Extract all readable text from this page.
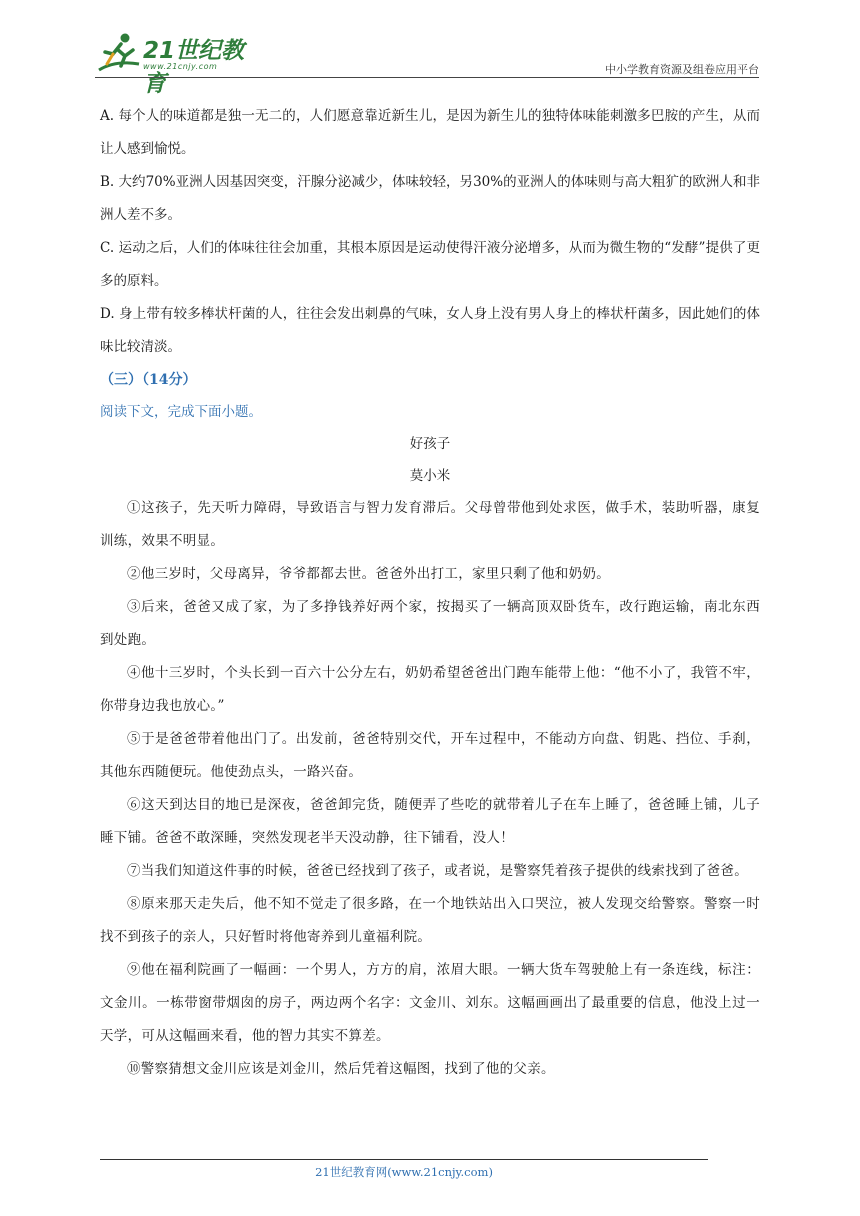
21世纪教育
www.21cnjy.com	中小学教育资源及组卷应用平台

A. 每个人的味道都是独一无二的，人们愿意靠近新生儿，是因为新生儿的独特体味能刺激多巴胺的产生，从而让人感到愉悦。

B. 大约70%亚洲人因基因突变，汗腺分泌减少，体味较轻，另30%的亚洲人的体味则与高大粗犷的欧洲人和非洲人差不多。

C. 运动之后，人们的体味往往会加重，其根本原因是运动使得汗液分泌增多，从而为微生物的“发酵”提供了更多的原料。

D. 身上带有较多棒状杆菌的人，往往会发出刺鼻的气味，女人身上没有男人身上的棒状杆菌多，因此她们的体味比较清淡。

（三）（14分）

阅读下文，完成下面小题。

好孩子

莫小米

①这孩子，先天听力障碍，导致语言与智力发育滞后。父母曾带他到处求医，做手术，装助听器，康复训练，效果不明显。

②他三岁时，父母离异，爷爷都都去世。爸爸外出打工，家里只剩了他和奶奶。

③后来，爸爸又成了家，为了多挣钱养好两个家，按揭买了一辆高顶双卧货车，改行跑运输，南北东西到处跑。

④他十三岁时，个头长到一百六十公分左右，奶奶希望爸爸出门跑车能带上他：“他不小了，我管不牢，你带身边我也放心。”

⑤于是爸爸带着他出门了。出发前，爸爸特别交代，开车过程中，不能动方向盘、钥匙、挡位、手刹，其他东西随便玩。他使劲点头，一路兴奋。

⑥这天到达目的地已是深夜，爸爸卸完货，随便弄了些吃的就带着儿子在车上睡了，爸爸睡上铺，儿子睡下铺。爸爸不敢深睡，突然发现老半天没动静，往下铺看，没人！

⑦当我们知道这件事的时候，爸爸已经找到了孩子，或者说，是警察凭着孩子提供的线索找到了爸爸。

⑧原来那天走失后，他不知不觉走了很多路，在一个地铁站出入口哭泣，被人发现交给警察。警察一时找不到孩子的亲人，只好暂时将他寄养到儿童福利院。

⑨他在福利院画了一幅画：一个男人，方方的肩，浓眉大眼。一辆大货车驾驶舱上有一条连线，标注：文金川。一栋带窗带烟囱的房子，两边两个名字：文金川、刘东。这幅画画出了最重要的信息，他没上过一天学，可从这幅画来看，他的智力其实不算差。

⑩警察猜想文金川应该是刘金川，然后凭着这幅图，找到了他的父亲。

21世纪教育网(www.21cnjy.com)
